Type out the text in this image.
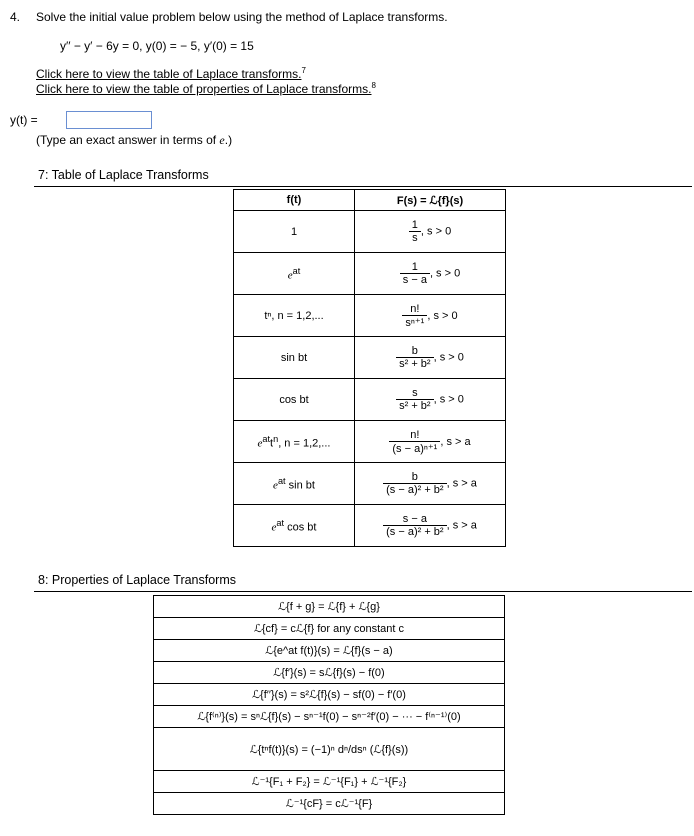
4. Solve the initial value problem below using the method of Laplace transforms.
y′′ − y′ − 6y = 0, y(0) = − 5, y′(0) = 15
Click here to view the table of Laplace transforms.$^7$
Click here to view the table of properties of Laplace transforms.$^8$
y(t) =
(Type an exact answer in terms of e.)
7: Table of Laplace Transforms
f(t)	F(s) = ℒ{f}(s)
1	$\frac{1}{s}$ , s > 0
$e^{at}$	$\frac{1}{s - a}$ , s > 0
tⁿ, n = 1,2,...	$\frac{n!}{\text{sⁿ⁺¹}}$ , s > 0
sin bt	$\frac{b}{\text{s² + b²}}$ , s > 0
cos bt	$\frac{s}{\text{s² + b²}}$ , s > 0
$e^{at}t^n$, n = 1,2,...	$\frac{n!}{\text{(s − a)ⁿ⁺¹}}$ , s > a
$e^{at}$ sin bt	$\frac{b}{\text{(s − a)² + b²}}$ , s > a
$e^{at}$ cos bt	$\frac{s - a}{\text{(s − a)² + b²}}$ , s > a
8: Properties of Laplace Transforms
ℒ{f + g} = ℒ{f} + ℒ{g}
ℒ{cf} = cℒ{f} for any constant c
ℒ{e^at f(t)}(s) = ℒ{f}(s − a)
ℒ{f′}(s) = sℒ{f}(s) − f(0)
ℒ{f′′}(s) = s²ℒ{f}(s) − sf(0) − f′(0)
ℒ{f⁽ⁿ⁾}(s) = sⁿℒ{f}(s) − sⁿ⁻¹f(0) − sⁿ⁻²f′(0) − ··· − f⁽ⁿ⁻¹⁾(0)
ℒ{tⁿf(t)}(s) = (−1)ⁿ dⁿ/dsⁿ (ℒ{f}(s))
ℒ⁻¹{F₁ + F₂} = ℒ⁻¹{F₁} + ℒ⁻¹{F₂}
ℒ⁻¹{cF} = cℒ⁻¹{F}
